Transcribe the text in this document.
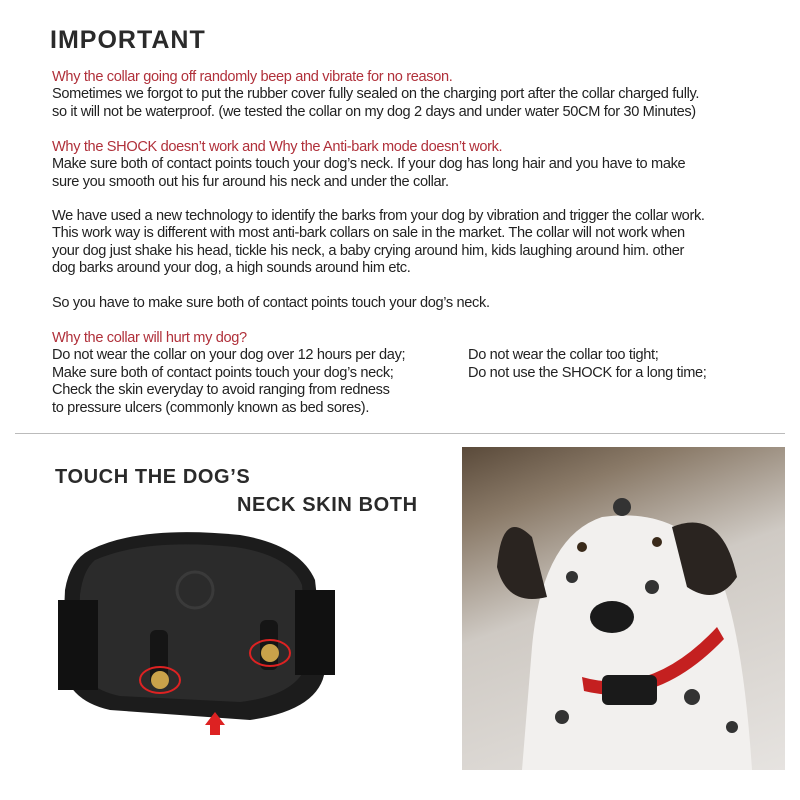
IMPORTANT
Why the collar going off randomly beep and vibrate for no reason.
Sometimes we forgot to put the rubber cover fully sealed on the charging port after the collar charged fully.
so it will not be waterproof. (we tested the collar on my dog 2 days and under water 50CM for 30 Minutes)
Why the SHOCK doesn’t work and Why the Anti-bark mode doesn’t work.
Make sure both of contact points touch your dog’s neck. If your dog has long hair and you have to make
sure you smooth out his fur around his neck and under the collar.
We have used a new technology to identify the barks from your dog by vibration and trigger the collar work.
This work way is different with most anti-bark collars on sale in the market. The collar will not work when
your dog just shake his head, tickle his neck, a baby crying around him, kids laughing around him. other
dog barks around your dog, a high sounds around him etc.
So you have to make sure both of contact points touch your dog’s neck.
Why the collar will hurt my dog?
Do not wear the collar on your dog over 12 hours per day;
Make sure both of contact points touch your dog’s neck;
Check the skin everyday to avoid ranging from redness
to pressure ulcers (commonly known as bed sores).
Do not wear the collar too tight;
Do not use the SHOCK for a long time;
TOUCH THE DOG’S
NECK SKIN BOTH
